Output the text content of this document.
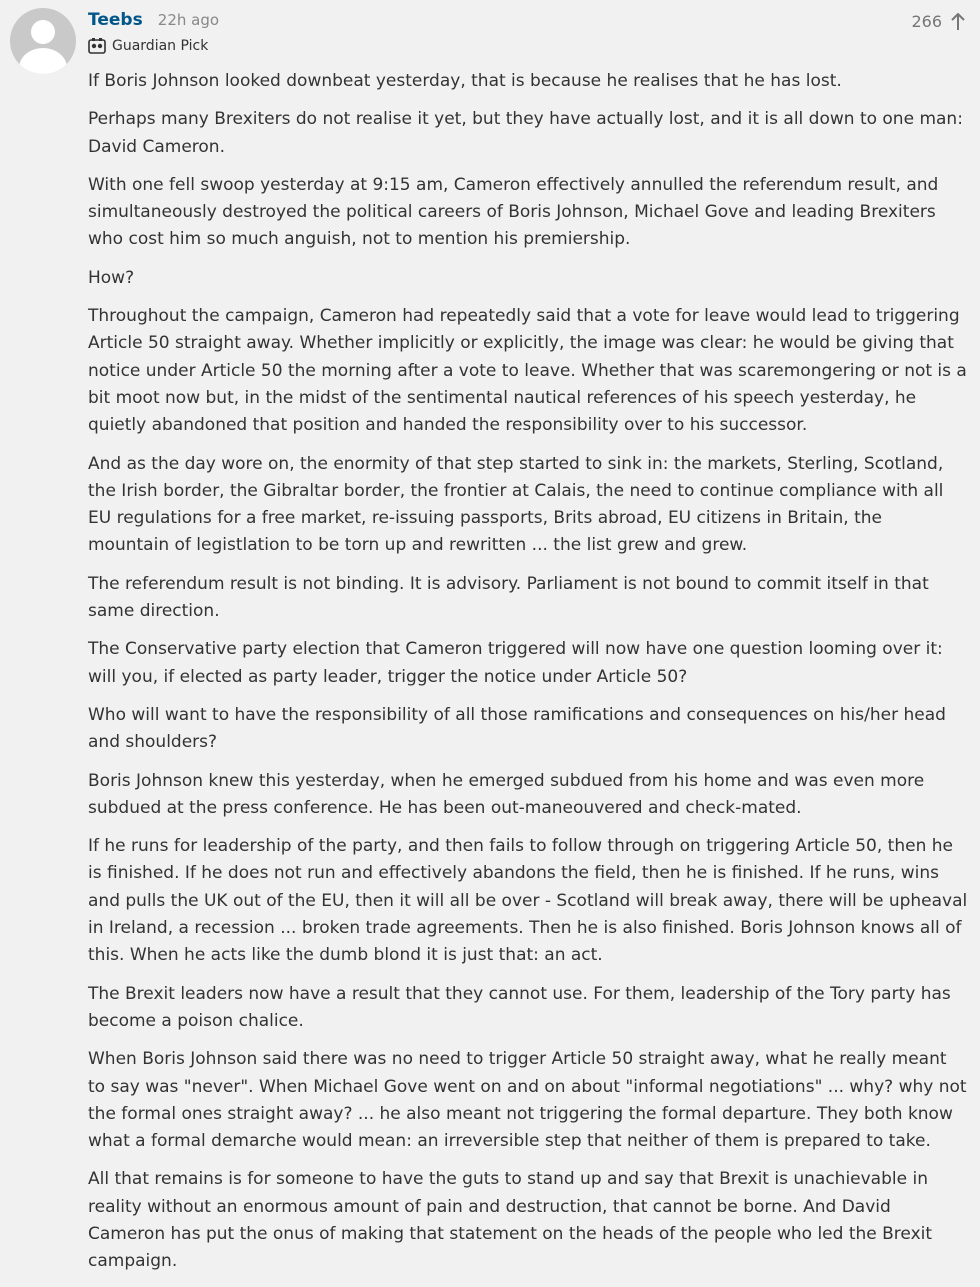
Teebs 22h ago
Guardian Pick
266

If Boris Johnson looked downbeat yesterday, that is because he realises that he has lost.

Perhaps many Brexiters do not realise it yet, but they have actually lost, and it is all down to one man: David Cameron.

With one fell swoop yesterday at 9:15 am, Cameron effectively annulled the referendum result, and simultaneously destroyed the political careers of Boris Johnson, Michael Gove and leading Brexiters who cost him so much anguish, not to mention his premiership.

How?

Throughout the campaign, Cameron had repeatedly said that a vote for leave would lead to triggering Article 50 straight away. Whether implicitly or explicitly, the image was clear: he would be giving that notice under Article 50 the morning after a vote to leave. Whether that was scaremongering or not is a bit moot now but, in the midst of the sentimental nautical references of his speech yesterday, he quietly abandoned that position and handed the responsibility over to his successor.

And as the day wore on, the enormity of that step started to sink in: the markets, Sterling, Scotland, the Irish border, the Gibraltar border, the frontier at Calais, the need to continue compliance with all EU regulations for a free market, re-issuing passports, Brits abroad, EU citizens in Britain, the mountain of legistlation to be torn up and rewritten ... the list grew and grew.

The referendum result is not binding. It is advisory. Parliament is not bound to commit itself in that same direction.

The Conservative party election that Cameron triggered will now have one question looming over it: will you, if elected as party leader, trigger the notice under Article 50?

Who will want to have the responsibility of all those ramifications and consequences on his/her head and shoulders?

Boris Johnson knew this yesterday, when he emerged subdued from his home and was even more subdued at the press conference. He has been out-maneouvered and check-mated.

If he runs for leadership of the party, and then fails to follow through on triggering Article 50, then he is finished. If he does not run and effectively abandons the field, then he is finished. If he runs, wins and pulls the UK out of the EU, then it will all be over - Scotland will break away, there will be upheaval in Ireland, a recession ... broken trade agreements. Then he is also finished. Boris Johnson knows all of this. When he acts like the dumb blond it is just that: an act.

The Brexit leaders now have a result that they cannot use. For them, leadership of the Tory party has become a poison chalice.

When Boris Johnson said there was no need to trigger Article 50 straight away, what he really meant to say was "never". When Michael Gove went on and on about "informal negotiations" ... why? why not the formal ones straight away? ... he also meant not triggering the formal departure. They both know what a formal demarche would mean: an irreversible step that neither of them is prepared to take.

All that remains is for someone to have the guts to stand up and say that Brexit is unachievable in reality without an enormous amount of pain and destruction, that cannot be borne. And David Cameron has put the onus of making that statement on the heads of the people who led the Brexit campaign.
